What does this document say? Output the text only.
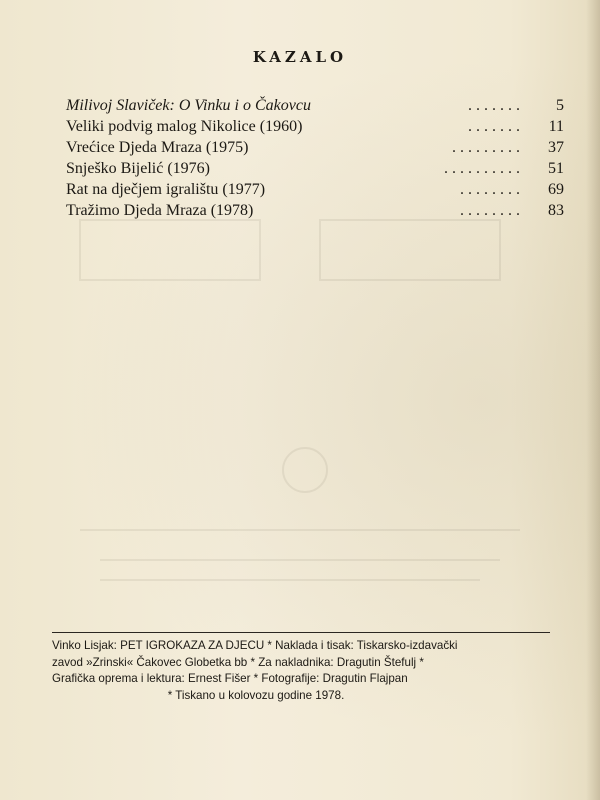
KAZALO
Milivoj Slaviček: O Vinku i o Čakovcu	. . . . . . .	5
Veliki podvig malog Nikolice (1960)	. . . . . . .	11
Vrećice Djeda Mraza (1975)	. . . . . . . . .	37
Snješko Bijelić (1976)	. . . . . . . . . .	51
Rat na dječjem igralištu (1977)	. . . . . . . .	69
Tražimo Djeda Mraza (1978)	. . . . . . . .	83
Vinko Lisjak: PET IGROKAZA ZA DJECU * Naklada i tisak: Tiskarsko-izdavački
zavod »Zrinski« Čakovec Globetka bb * Za nakladnika: Dragutin Štefulj *
Grafička oprema i lektura: Ernest Fišer * Fotografije: Dragutin Flajpan
* Tiskano u kolovozu godine 1978.
